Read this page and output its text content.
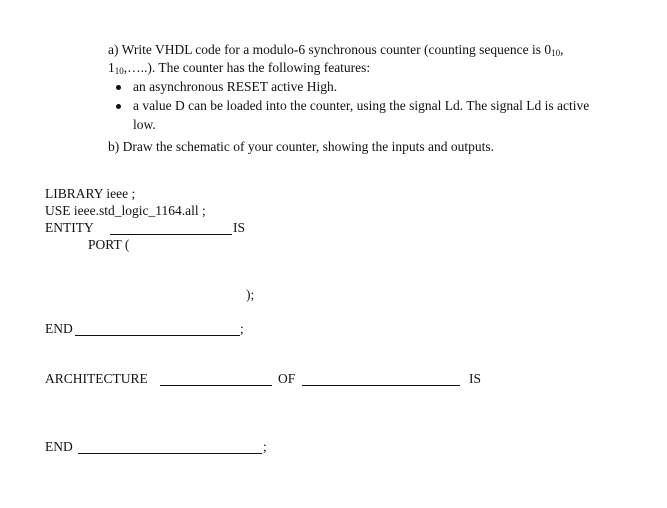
a) Write VHDL code for a modulo-6 synchronous counter (counting sequence is $0_{10}$,
$1_{10},\dots$..). The counter has the following features:
an asynchronous RESET active High.
a value D can be loaded into the counter, using the signal Ld. The signal Ld is active
low.
b) Draw the schematic of your counter, showing the inputs and outputs.
LIBRARY ieee ;
USE ieee.std_logic_1164.all ;
ENTITY	IS
PORT (
);
END	;
ARCHITECTURE	OF	IS
END	;
